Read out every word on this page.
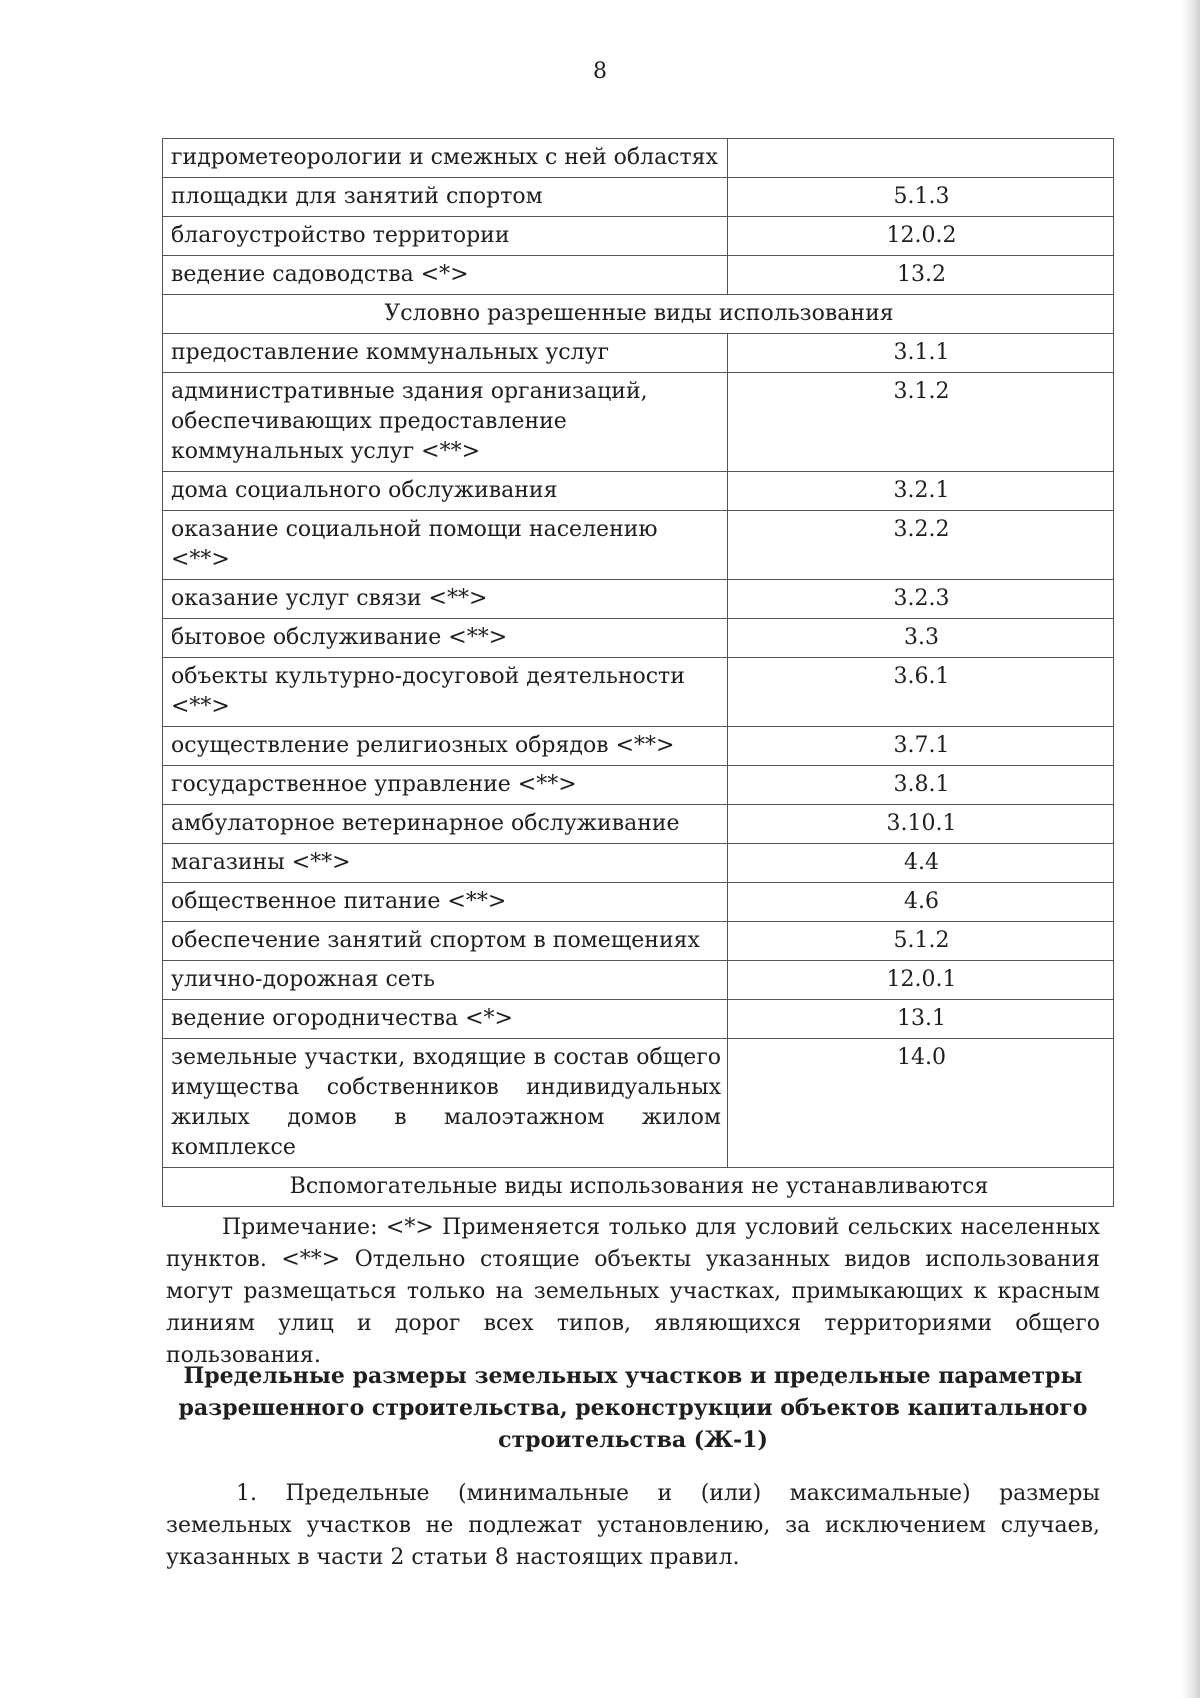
8
гидрометеорологии и смежных с ней областях	
площадки для занятий спортом	5.1.3
благоустройство территории	12.0.2
ведение садоводства <*>	13.2
Условно разрешенные виды использования	
предоставление коммунальных услуг	3.1.1
административные здания организаций, обеспечивающих предоставление коммунальных услуг <**>	3.1.2
дома социального обслуживания	3.2.1
оказание социальной помощи населению <**>	3.2.2
оказание услуг связи <**>	3.2.3
бытовое обслуживание <**>	3.3
объекты культурно-досуговой деятельности <**>	3.6.1
осуществление религиозных обрядов <**>	3.7.1
государственное управление <**>	3.8.1
амбулаторное ветеринарное обслуживание	3.10.1
магазины <**>	4.4
общественное питание <**>	4.6
обеспечение занятий спортом в помещениях	5.1.2
улично-дорожная сеть	12.0.1
ведение огородничества <*>	13.1
земельные участки, входящие в состав общего имущества собственников индивидуальных жилых домов в малоэтажном жилом комплексе	14.0
Вспомогательные виды использования не устанавливаются	
Примечание: <*> Применяется только для условий сельских населенных пунктов. <**> Отдельно стоящие объекты указанных видов использования могут размещаться только на земельных участках, примыкающих к красным линиям улиц и дорог всех типов, являющихся территориями общего пользования.
Предельные размеры земельных участков и предельные параметры разрешенного строительства, реконструкции объектов капитального строительства (Ж-1)
1. Предельные (минимальные и (или) максимальные) размеры земельных участков не подлежат установлению, за исключением случаев, указанных в части 2 статьи 8 настоящих правил.
